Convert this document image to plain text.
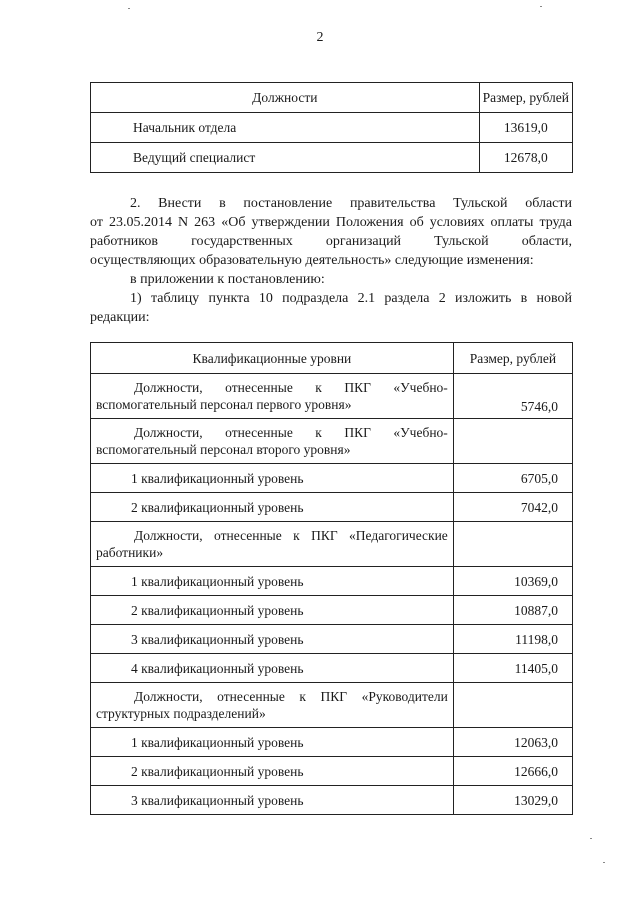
2
Должности	Размер, рублей
Начальник отдела	13619,0
Ведущий специалист	12678,0
2. Внести в постановление правительства Тульской области
от 23.05.2014 N 263 «Об утверждении Положения об условиях оплаты труда
работников государственных организаций Тульской области,
осуществляющих образовательную деятельность» следующие изменения:
в приложении к постановлению:
1) таблицу пункта 10 подраздела 2.1 раздела 2 изложить в новой
редакции:
Квалификационные уровни	Размер, рублей

Должности, отнесенные к ПКГ «Учебно-
вспомогательный персонал первого уровня»	5746,0

Должности, отнесенные к ПКГ «Учебно-
вспомогательный персонал второго уровня»	

1 квалификационный уровень	6705,0
2 квалификационный уровень	7042,0

Должности, отнесенные к ПКГ «Педагогические
работники»	

1 квалификационный уровень	10369,0
2 квалификационный уровень	10887,0
3 квалификационный уровень	11198,0
4 квалификационный уровень	11405,0

Должности, отнесенные к ПКГ «Руководители
структурных подразделений»	

1 квалификационный уровень	12063,0
2 квалификационный уровень	12666,0
3 квалификационный уровень	13029,0
